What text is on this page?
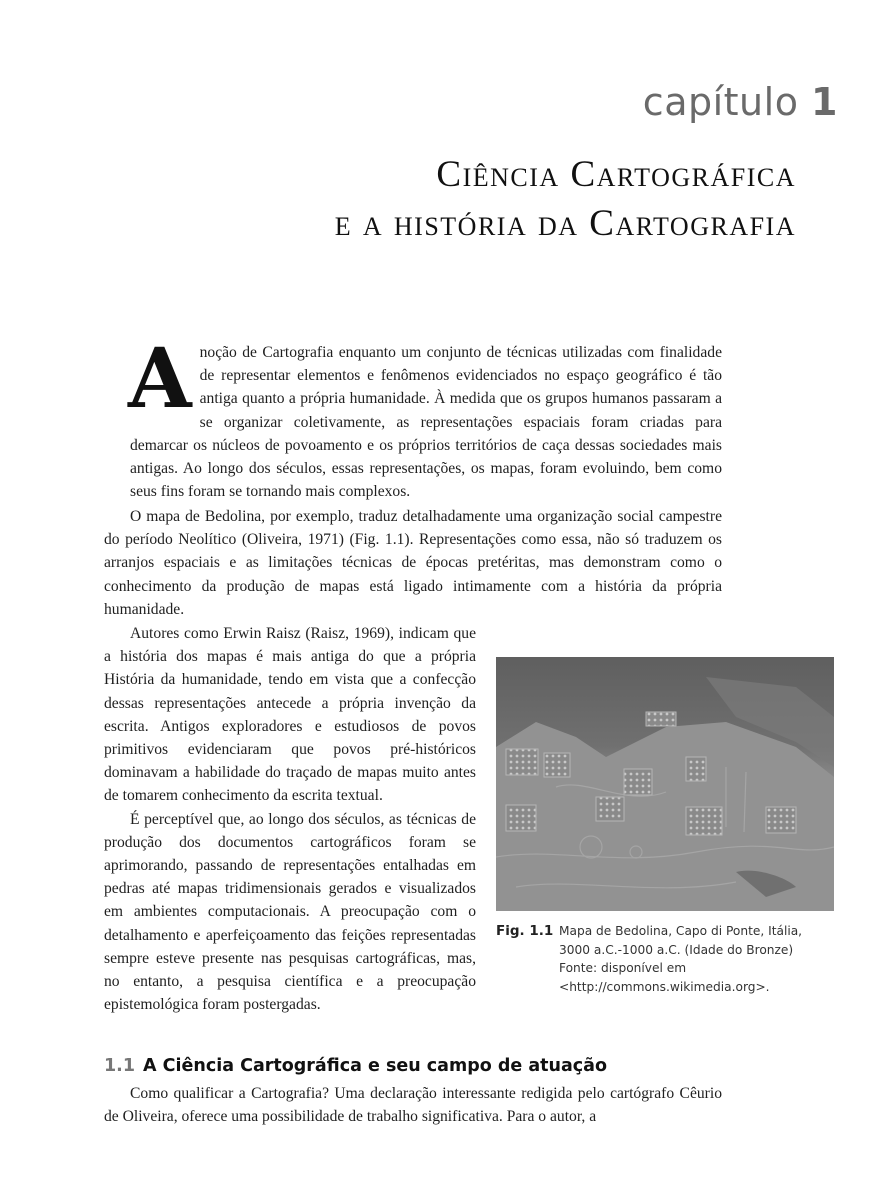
capítulo 1
Ciência Cartográfica
e a história da Cartografia
A noção de Cartografia enquanto um conjunto de técnicas utilizadas com finalidade de representar elementos e fenômenos evidenciados no espaço geográfico é tão antiga quanto a própria humanidade. À medida que os grupos humanos passaram a se organizar coletivamente, as representações espaciais foram criadas para demarcar os núcleos de povoamento e os próprios territórios de caça dessas sociedades mais antigas. Ao longo dos séculos, essas representações, os mapas, foram evoluindo, bem como seus fins foram se tornando mais complexos.
O mapa de Bedolina, por exemplo, traduz detalhadamente uma organização social campestre do período Neolítico (Oliveira, 1971) (Fig. 1.1). Representações como essa, não só traduzem os arranjos espaciais e as limitações técnicas de épocas pretéritas, mas demonstram como o conhecimento da produção de mapas está ligado intimamente com a história da própria humanidade.

Autores como Erwin Raisz (Raisz, 1969), indicam que a história dos mapas é mais antiga do que a própria História da humanidade, tendo em vista que a confecção dessas representações antecede a própria invenção da escrita. Antigos exploradores e estudiosos de povos primitivos evidenciaram que povos pré-históricos dominavam a habilidade do traçado de mapas muito antes de tomarem conhecimento da escrita textual.

É perceptível que, ao longo dos séculos, as técnicas de produção dos documentos cartográficos foram se aprimorando, passando de representações entalhadas em pedras até mapas tridimensionais gerados e visualizados em ambientes computacionais. A preocupação com o detalhamento e aperfeiçoamento das feições representadas sempre esteve presente nas pesquisas cartográficas, mas, no entanto, a pesquisa científica e a preocupação epistemológica foram postergadas.

Fig. 1.1 Mapa de Bedolina, Capo di Ponte, Itália,
3000 a.C.-1000 a.C. (Idade do Bronze)
Fonte: disponível em
<http://commons.wikimedia.org>.
1.1 A Ciência Cartográfica e seu campo de atuação
Como qualificar a Cartografia? Uma declaração interessante redigida pelo cartógrafo Cêurio de Oliveira, oferece uma possibilidade de trabalho significativa. Para o autor, a
